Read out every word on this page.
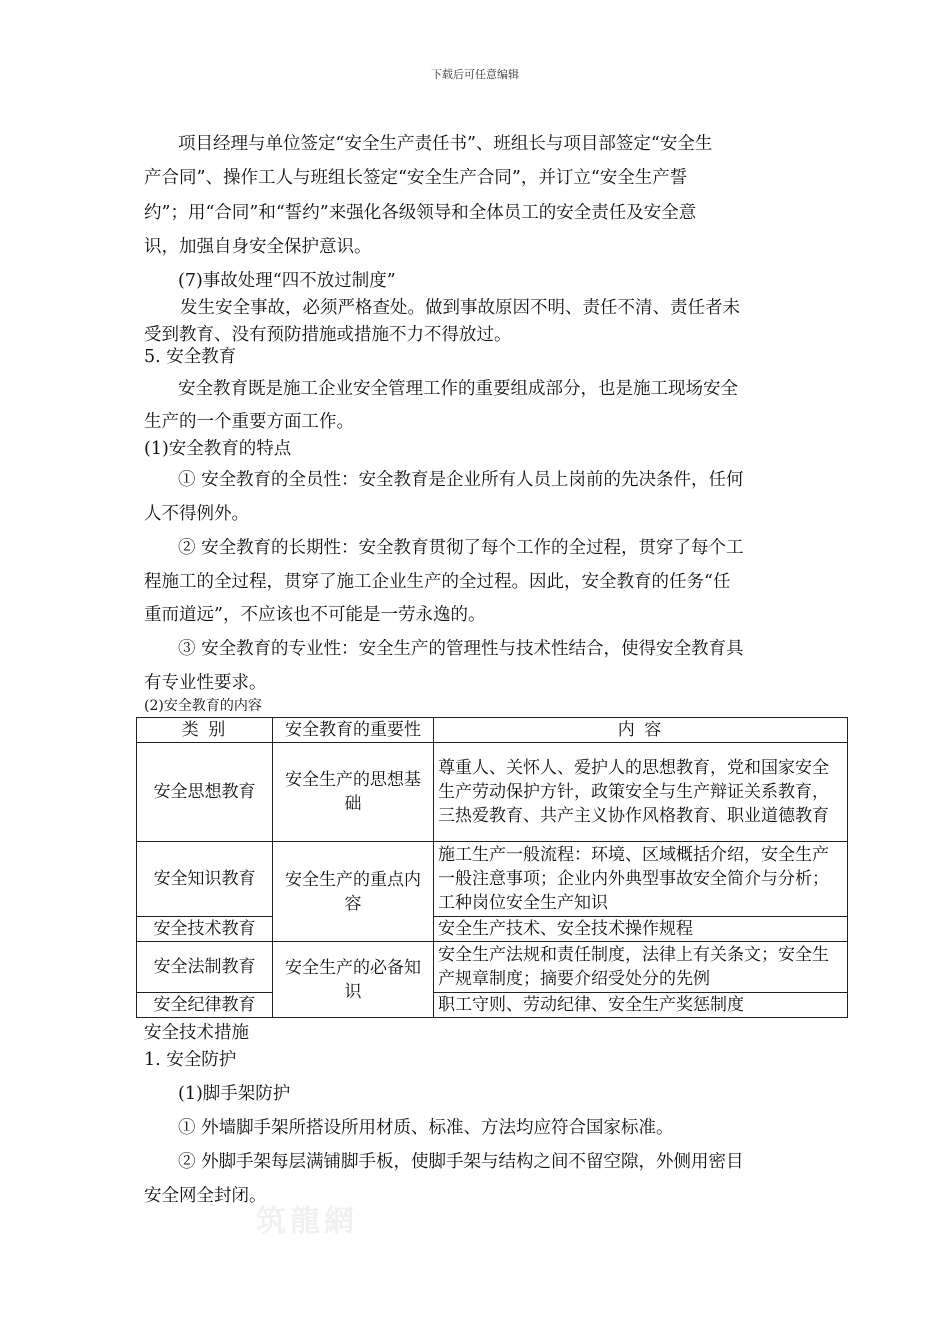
下载后可任意编辑
项目经理与单位签定“安全生产责任书”、班组长与项目部签定“安全生
产合同”、操作工人与班组长签定“安全生产合同”，并订立“安全生产誓
约”；用“合同”和“誓约”来强化各级领导和全体员工的安全责任及安全意
识，加强自身安全保护意识。
(7)事故处理“四不放过制度”
发生安全事故，必须严格查处。做到事故原因不明、责任不清、责任者未
受到教育、没有预防措施或措施不力不得放过。
5. 安全教育
安全教育既是施工企业安全管理工作的重要组成部分，也是施工现场安全
生产的一个重要方面工作。
(1)安全教育的特点
① 安全教育的全员性：安全教育是企业所有人员上岗前的先决条件，任何
人不得例外。
② 安全教育的长期性：安全教育贯彻了每个工作的全过程，贯穿了每个工
程施工的全过程，贯穿了施工企业生产的全过程。因此，安全教育的任务“任
重而道远”，不应该也不可能是一劳永逸的。
③ 安全教育的专业性：安全生产的管理性与技术性结合，使得安全教育具
有专业性要求。
(2)安全教育的内容
类 别	安全教育的重要性	内 容
安全思想教育	安全生产的思想基础	尊重人、关怀人、爱护人的思想教育，党和国家安全生产劳动保护方针，政策安全与生产辩证关系教育，三热爱教育、共产主义协作风格教育、职业道德教育
安全知识教育	安全生产的重点内容	施工生产一般流程：环境、区域概括介绍，安全生产一般注意事项；企业内外典型事故安全简介与分析；工种岗位安全生产知识
安全技术教育		安全生产技术、安全技术操作规程
安全法制教育	安全生产的必备知识	安全生产法规和责任制度，法律上有关条文；安全生产规章制度；摘要介绍受处分的先例
安全纪律教育		职工守则、劳动纪律、安全生产奖惩制度
安全技术措施
1. 安全防护
(1)脚手架防护
① 外墙脚手架所搭设所用材质、标准、方法均应符合国家标准。
② 外脚手架每层满铺脚手板，使脚手架与结构之间不留空隙，外侧用密目
安全网全封闭。
筑龍網
